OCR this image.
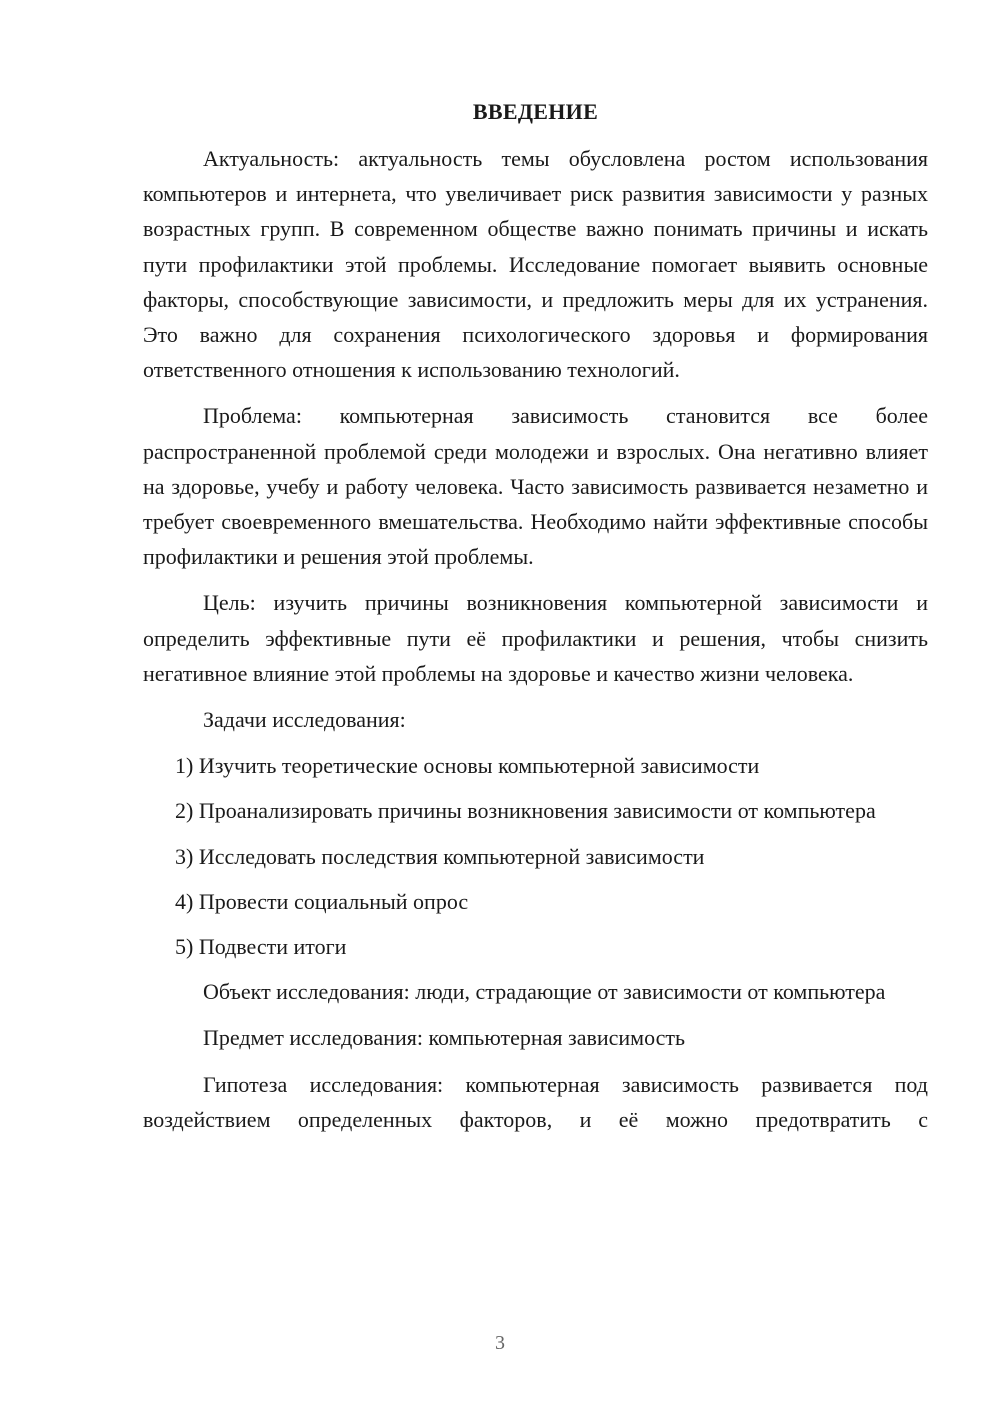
ВВЕДЕНИЕ

Актуальность: актуальность темы обусловлена ростом использования компьютеров и интернета, что увеличивает риск развития зависимости у разных возрастных групп. В современном обществе важно понимать причины и искать пути профилактики этой проблемы. Исследование помогает выявить основные факторы, способствующие зависимости, и предложить меры для их устранения. Это важно для сохранения психологического здоровья и формирования ответственного отношения к использованию технологий.

Проблема: компьютерная зависимость становится все более распространенной проблемой среди молодежи и взрослых. Она негативно влияет на здоровье, учебу и работу человека. Часто зависимость развивается незаметно и требует своевременного вмешательства. Необходимо найти эффективные способы профилактики и решения этой проблемы.

Цель: изучить причины возникновения компьютерной зависимости и определить эффективные пути её профилактики и решения, чтобы снизить негативное влияние этой проблемы на здоровье и качество жизни человека.

Задачи исследования:

1) Изучить теоретические основы компьютерной зависимости

2) Проанализировать причины возникновения зависимости от компьютера

3) Исследовать последствия компьютерной зависимости

4) Провести социальный опрос

5) Подвести итоги

Объект исследования: люди, страдающие от зависимости от компьютера

Предмет исследования: компьютерная зависимость

Гипотеза исследования: компьютерная зависимость развивается под воздействием определенных факторов, и её можно предотвратить с

3
